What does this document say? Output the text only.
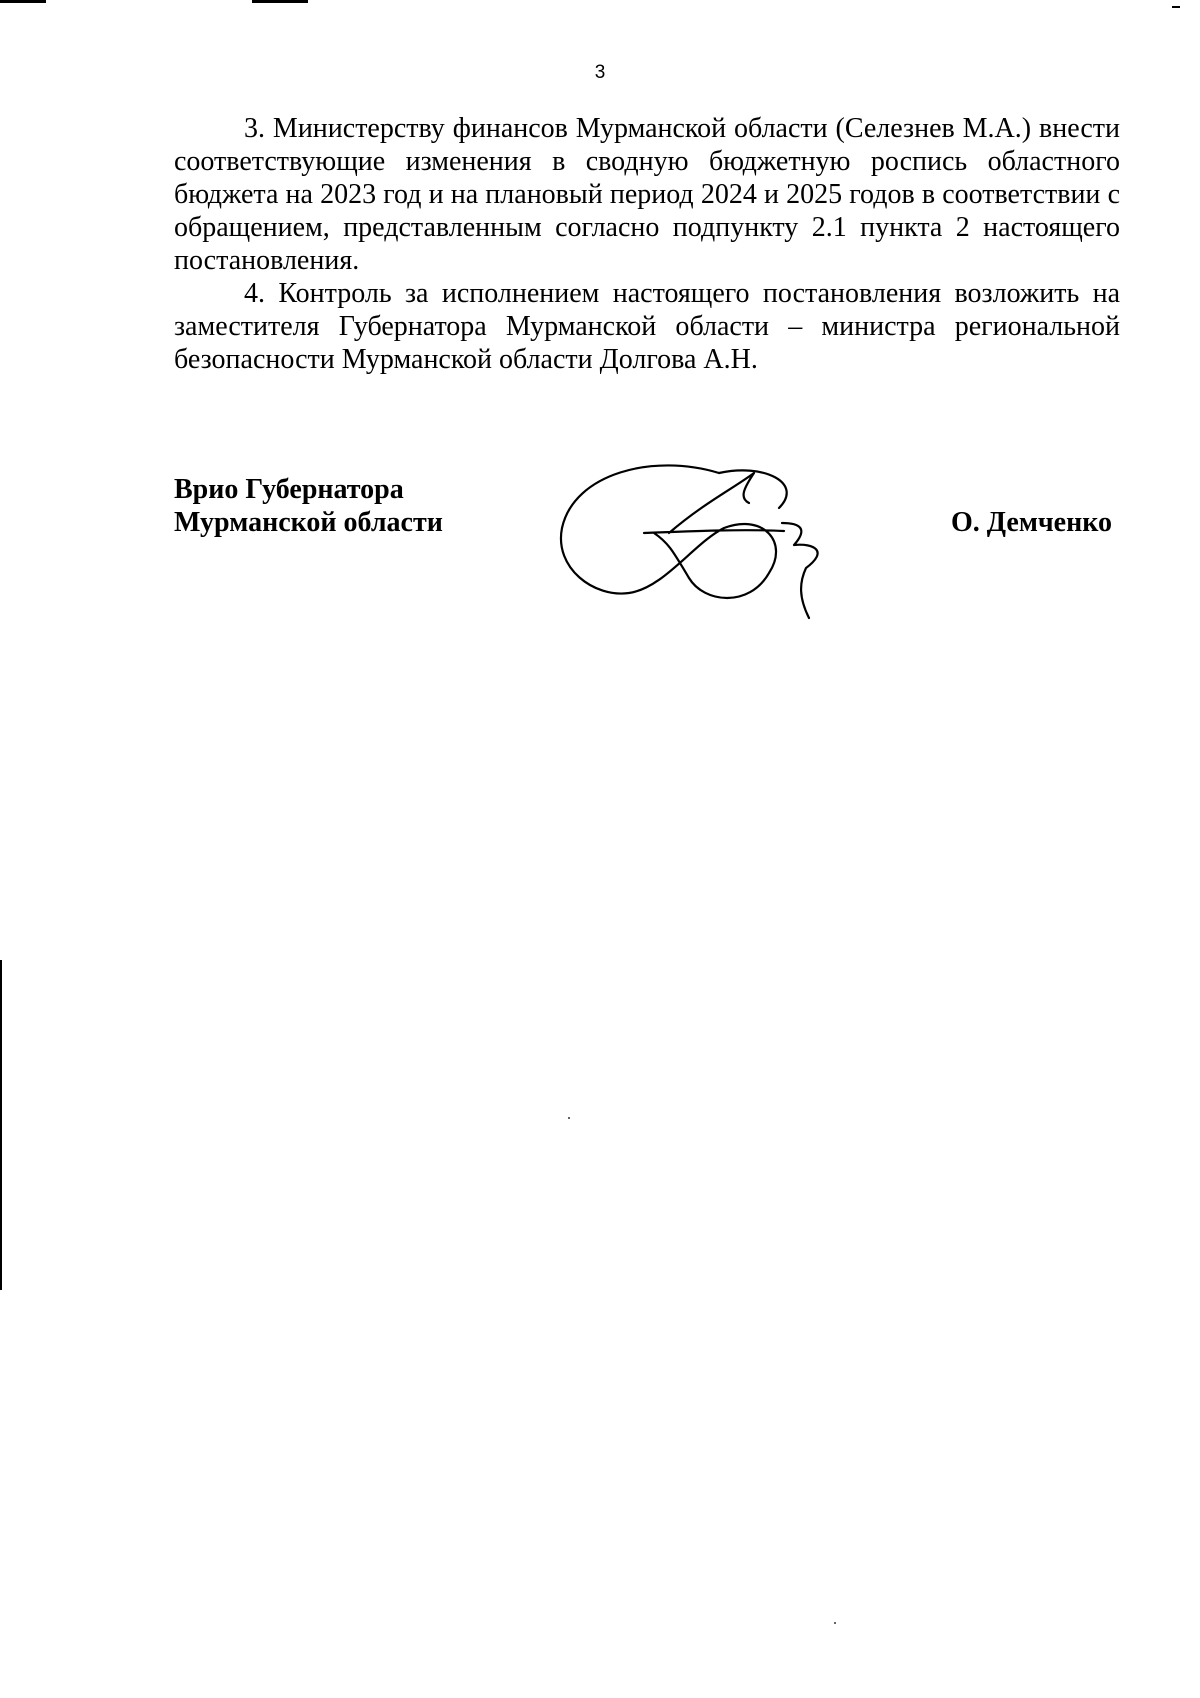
3

3. Министерству финансов Мурманской области (Селезнев М.А.) внести соответствующие изменения в сводную бюджетную роспись областного бюджета на 2023 год и на плановый период 2024 и 2025 годов в соответствии с обращением, представленным согласно подпункту 2.1 пункта 2 настоящего постановления.

4. Контроль за исполнением настоящего постановления возложить на заместителя Губернатора Мурманской области – министра региональной безопасности Мурманской области Долгова А.Н.

Врио Губернатора
Мурманской области	О. Демченко
